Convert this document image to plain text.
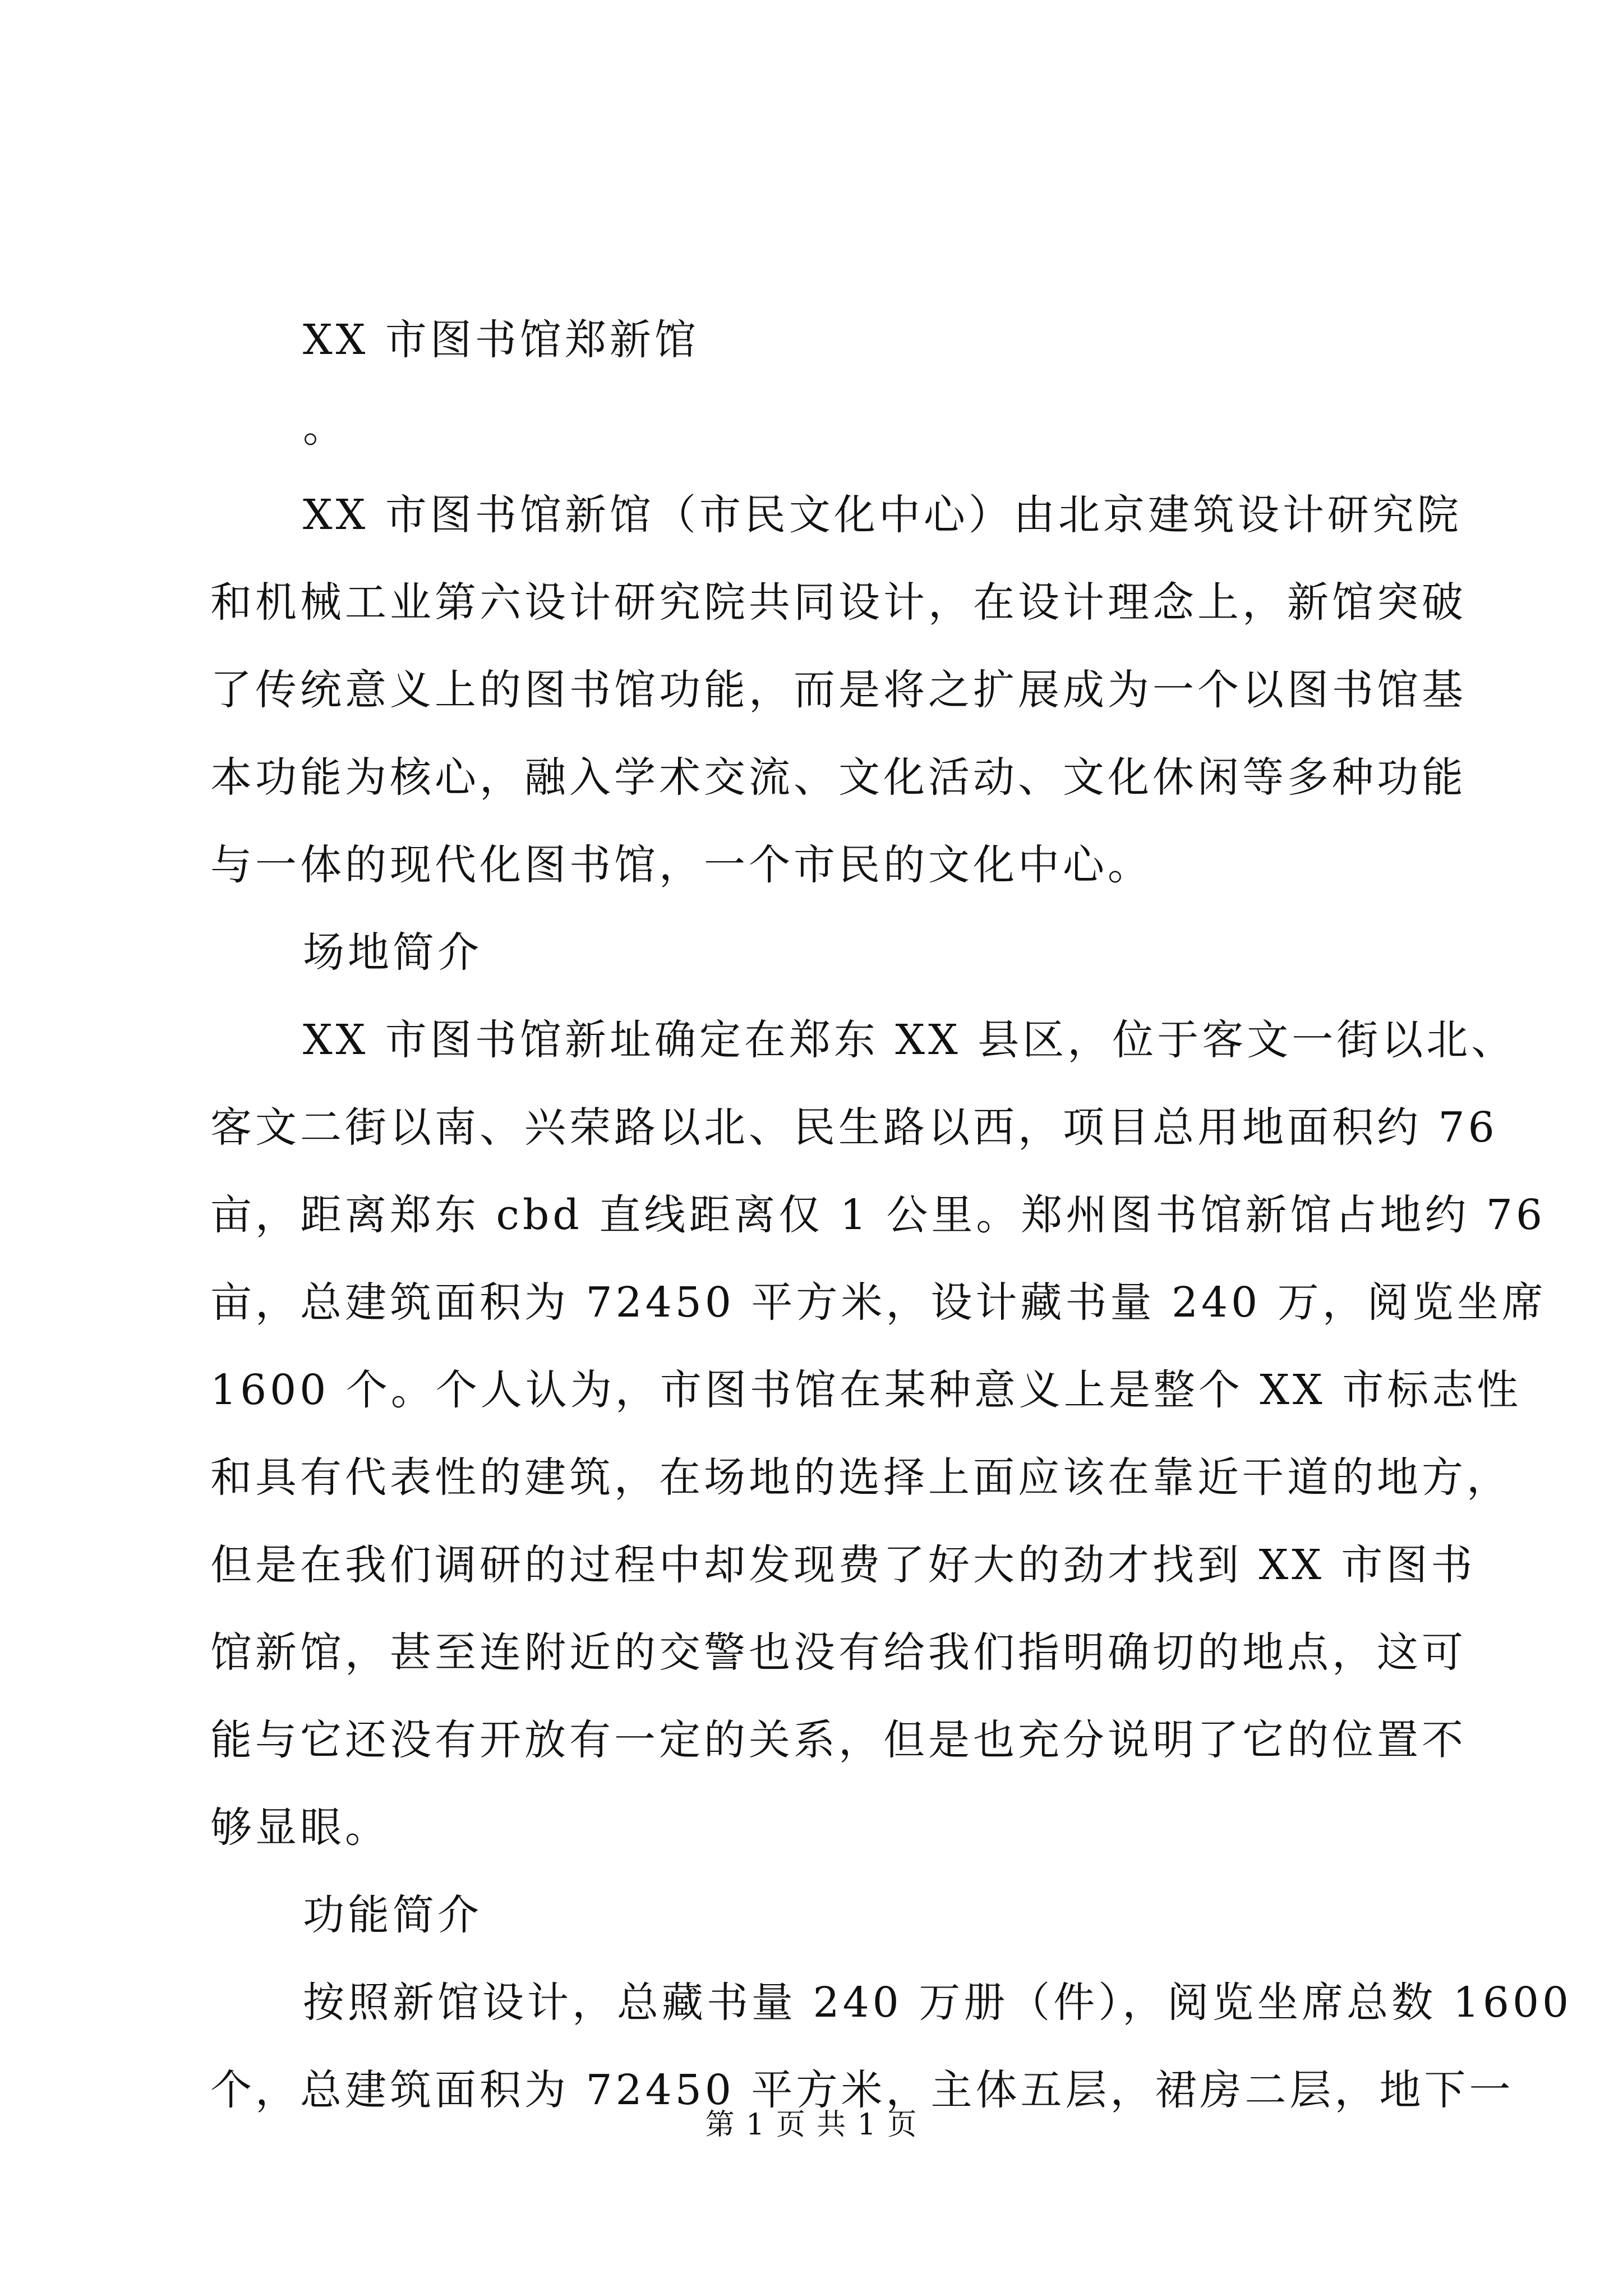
XX 市图书馆郑新馆
。
XX 市图书馆新馆（市民文化中心）由北京建筑设计研究院
和机械工业第六设计研究院共同设计，在设计理念上，新馆突破
了传统意义上的图书馆功能，而是将之扩展成为一个以图书馆基
本功能为核心，融入学术交流、文化活动、文化休闲等多种功能
与一体的现代化图书馆，一个市民的文化中心。
场地简介
XX 市图书馆新址确定在郑东 XX 县区，位于客文一街以北、
客文二街以南、兴荣路以北、民生路以西，项目总用地面积约 76
亩，距离郑东 cbd 直线距离仅 1 公里。郑州图书馆新馆占地约 76
亩，总建筑面积为 72450 平方米，设计藏书量 240 万，阅览坐席
1600 个。个人认为，市图书馆在某种意义上是整个 XX 市标志性
和具有代表性的建筑，在场地的选择上面应该在靠近干道的地方，
但是在我们调研的过程中却发现费了好大的劲才找到 XX 市图书
馆新馆，甚至连附近的交警也没有给我们指明确切的地点，这可
能与它还没有开放有一定的关系，但是也充分说明了它的位置不
够显眼。
功能简介
按照新馆设计，总藏书量 240 万册（件），阅览坐席总数 1600
个，总建筑面积为 72450 平方米，主体五层，裙房二层，地下一
第 1 页 共 1 页
